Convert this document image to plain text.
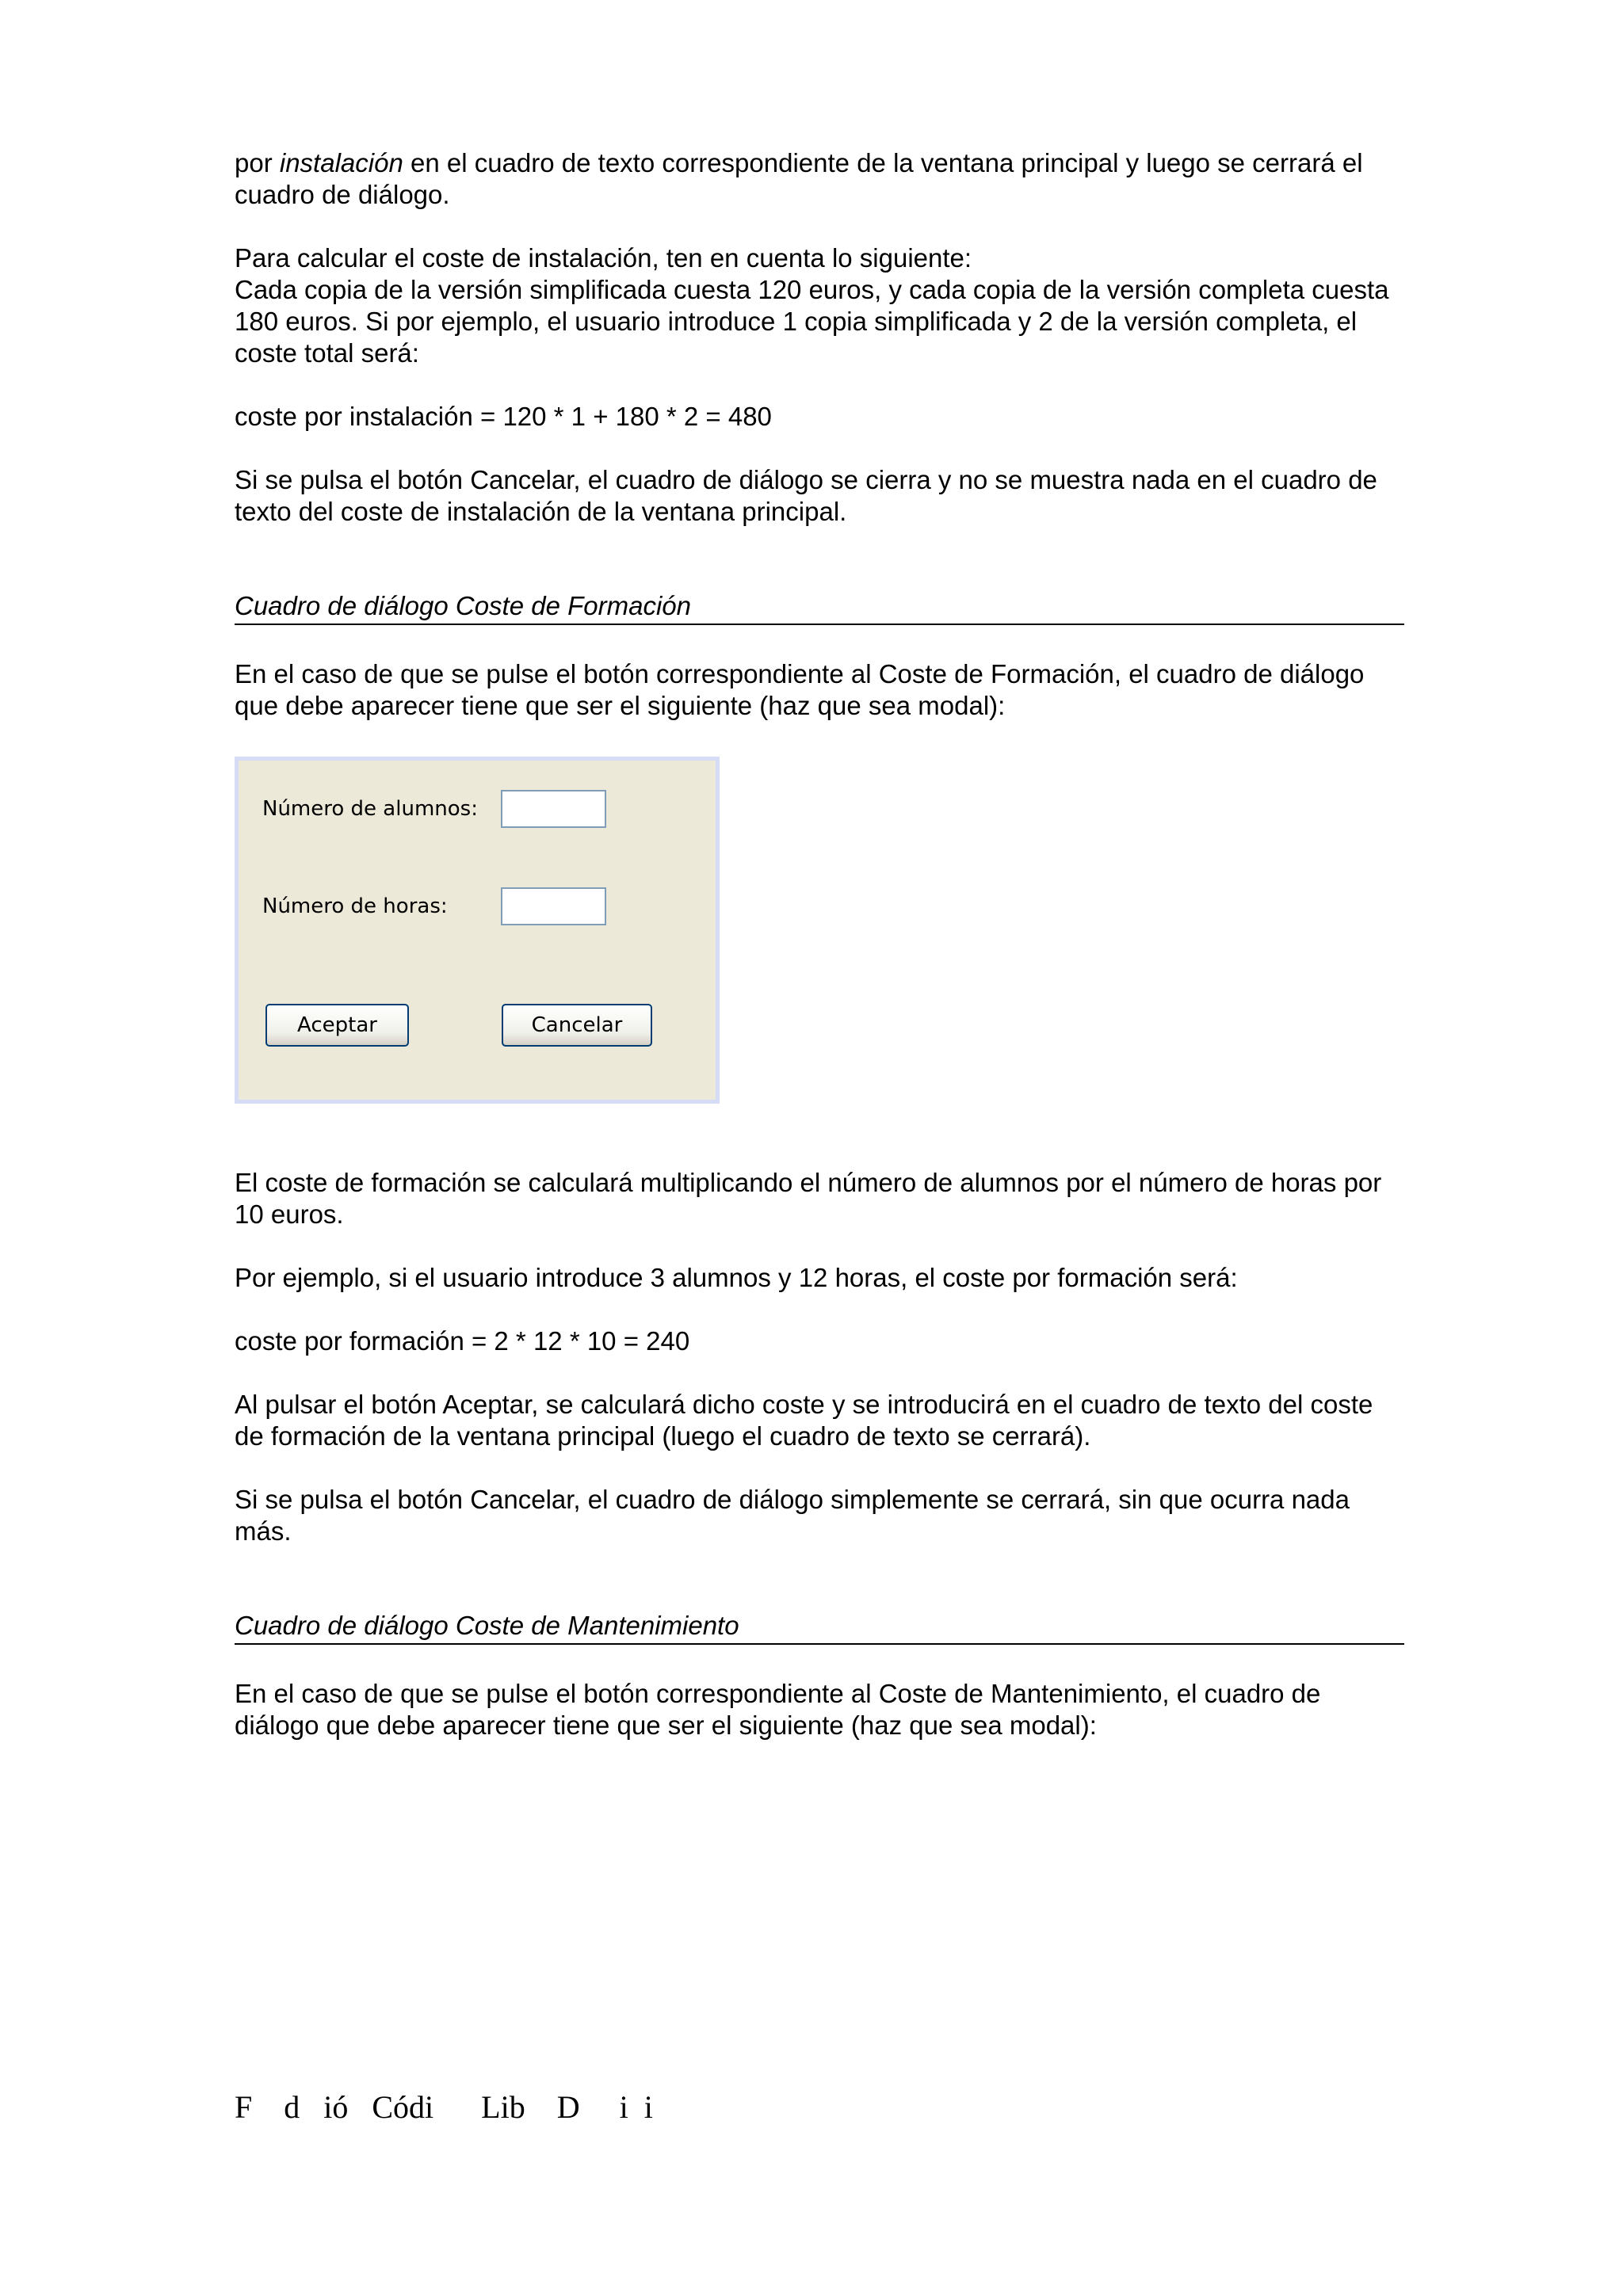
por instalación en el cuadro de texto correspondiente de la ventana principal y luego se cerrará el cuadro de diálogo.

Para calcular el coste de instalación, ten en cuenta lo siguiente:
Cada copia de la versión simplificada cuesta 120 euros, y cada copia de la versión completa cuesta 180 euros. Si por ejemplo, el usuario introduce 1 copia simplificada y 2 de la versión completa, el coste total será:

coste por instalación = 120 * 1 + 180 * 2 = 480

Si se pulsa el botón Cancelar, el cuadro de diálogo se cierra y no se muestra nada en el cuadro de texto del coste de instalación de la ventana principal.

Cuadro de diálogo Coste de Formación

En el caso de que se pulse el botón correspondiente al Coste de Formación, el cuadro de diálogo que debe aparecer tiene que ser el siguiente (haz que sea modal):

Número de alumnos:
Número de horas:
Aceptar	Cancelar

El coste de formación se calculará multiplicando el número de alumnos por el número de horas por 10 euros.

Por ejemplo, si el usuario introduce 3 alumnos y 12 horas, el coste por formación será:

coste por formación = 2 * 12 * 10 = 240

Al pulsar el botón Aceptar, se calculará dicho coste y se introducirá en el cuadro de texto del coste de formación de la ventana principal (luego el cuadro de texto se cerrará).

Si se pulsa el botón Cancelar, el cuadro de diálogo simplemente se cerrará, sin que ocurra nada más.

Cuadro de diálogo Coste de Mantenimiento

En el caso de que se pulse el botón correspondiente al Coste de Mantenimiento, el cuadro de diálogo que debe aparecer tiene que ser el siguiente (haz que sea modal):

F    d   ió   Códi      Lib    D     i  i
